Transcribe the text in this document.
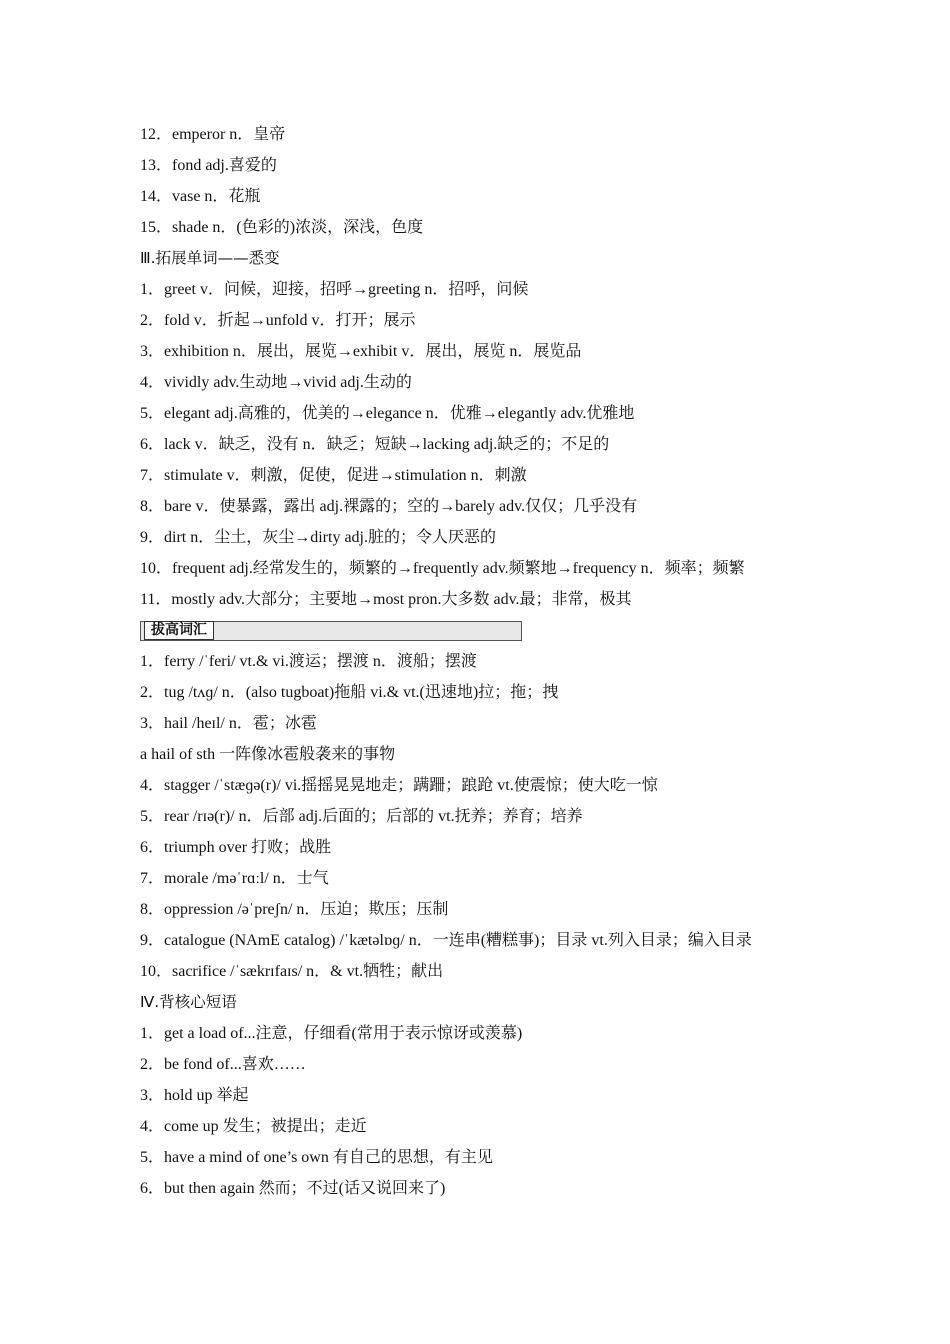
12．emperor n．皇帝
13．fond adj.喜爱的
14．vase n．花瓶
15．shade n．(色彩的)浓淡，深浅，色度
Ⅲ.拓展单词——悉变
1．greet v．问候，迎接，招呼→greeting n．招呼，问候
2．fold v．折起→unfold v．打开；展示
3．exhibition n．展出，展览→exhibit v．展出，展览 n．展览品
4．vividly adv.生动地→vivid adj.生动的
5．elegant adj.高雅的，优美的→elegance n．优雅→elegantly adv.优雅地
6．lack v．缺乏，没有 n．缺乏；短缺→lacking adj.缺乏的；不足的
7．stimulate v．刺激，促使，促进→stimulation n．刺激
8．bare v．使暴露，露出 adj.裸露的；空的→barely adv.仅仅；几乎没有
9．dirt n．尘土，灰尘→dirty adj.脏的；令人厌恶的
10．frequent adj.经常发生的，频繁的→frequently adv.频繁地→frequency n．频率；频繁
11．mostly adv.大部分；主要地→most pron.大多数 adv.最；非常，极其
拔高词汇
1．ferry /ˈferi/ vt.& vi.渡运；摆渡 n．渡船；摆渡
2．tug /tʌɡ/ n．(also tugboat)拖船 vi.& vt.(迅速地)拉；拖；拽
3．hail /heɪl/ n．雹；冰雹
a hail of sth 一阵像冰雹般袭来的事物
4．stagger /ˈstæɡə(r)/ vi.摇摇晃晃地走；蹒跚；踉跄 vt.使震惊；使大吃一惊
5．rear /rɪə(r)/ n．后部 adj.后面的；后部的 vt.抚养；养育；培养
6．triumph over 打败；战胜
7．morale /məˈrɑːl/ n．士气
8．oppression /əˈpreʃn/ n．压迫；欺压；压制
9．catalogue (NAmE catalog) /ˈkætəlɒɡ/ n．一连串(糟糕事)；目录 vt.列入目录；编入目录
10．sacrifice /ˈsækrɪfaɪs/ n．& vt.牺牲；献出
Ⅳ.背核心短语
1．get a load of...注意，仔细看(常用于表示惊讶或羡慕)
2．be fond of...喜欢……
3．hold up 举起
4．come up 发生；被提出；走近
5．have a mind of one’s own 有自己的思想，有主见
6．but then again 然而；不过(话又说回来了)
